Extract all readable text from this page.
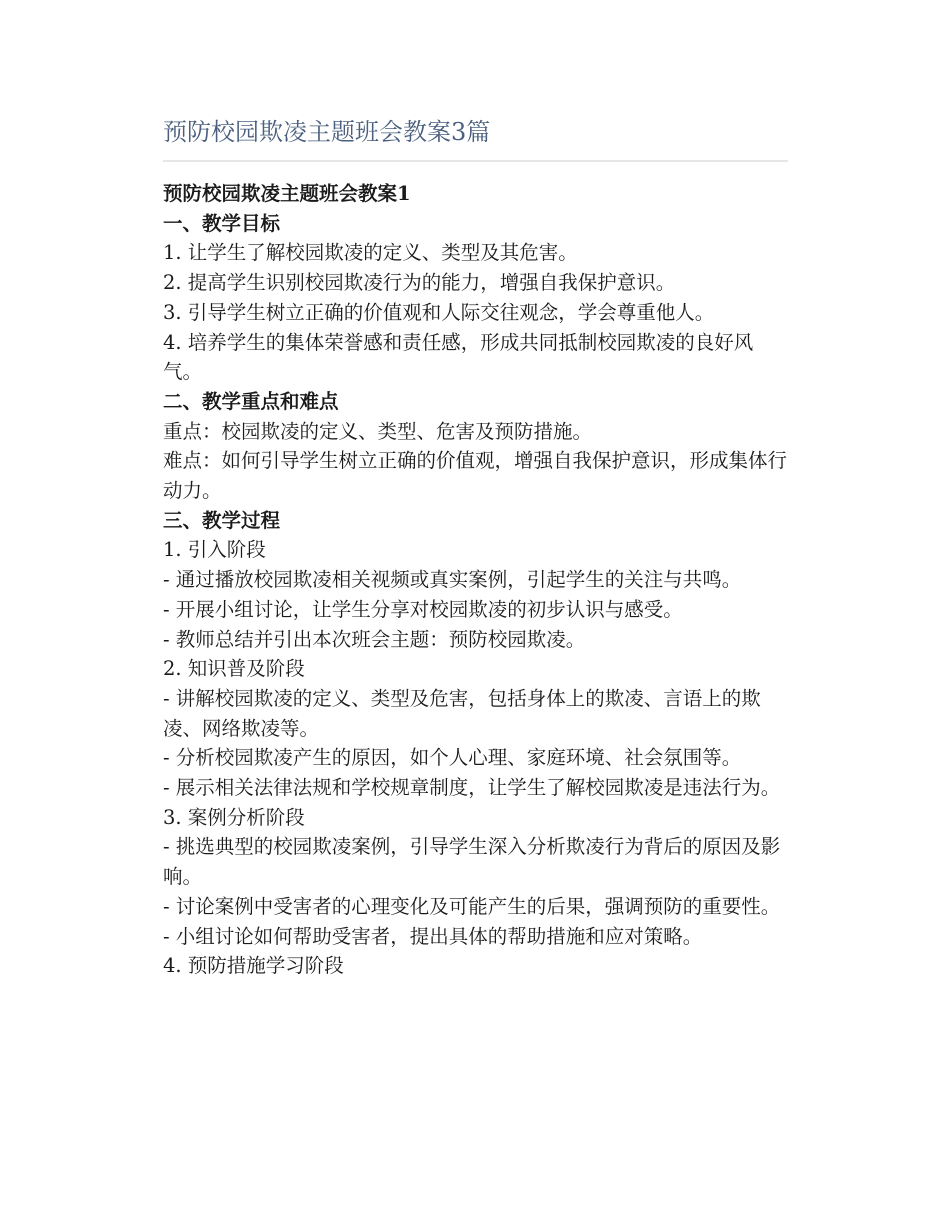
预防校园欺凌主题班会教案3篇

预防校园欺凌主题班会教案1

一、教学目标

1. 让学生了解校园欺凌的定义、类型及其危害。

2. 提高学生识别校园欺凌行为的能力，增强自我保护意识。

3. 引导学生树立正确的价值观和人际交往观念，学会尊重他人。

4. 培养学生的集体荣誉感和责任感，形成共同抵制校园欺凌的良好风气。

二、教学重点和难点

重点：校园欺凌的定义、类型、危害及预防措施。

难点：如何引导学生树立正确的价值观，增强自我保护意识，形成集体行动力。

三、教学过程

1. 引入阶段

- 通过播放校园欺凌相关视频或真实案例，引起学生的关注与共鸣。

- 开展小组讨论，让学生分享对校园欺凌的初步认识与感受。

- 教师总结并引出本次班会主题：预防校园欺凌。

2. 知识普及阶段

- 讲解校园欺凌的定义、类型及危害，包括身体上的欺凌、言语上的欺凌、网络欺凌等。

- 分析校园欺凌产生的原因，如个人心理、家庭环境、社会氛围等。

- 展示相关法律法规和学校规章制度，让学生了解校园欺凌是违法行为。

3. 案例分析阶段

- 挑选典型的校园欺凌案例，引导学生深入分析欺凌行为背后的原因及影响。

- 讨论案例中受害者的心理变化及可能产生的后果，强调预防的重要性。

- 小组讨论如何帮助受害者，提出具体的帮助措施和应对策略。

4. 预防措施学习阶段
